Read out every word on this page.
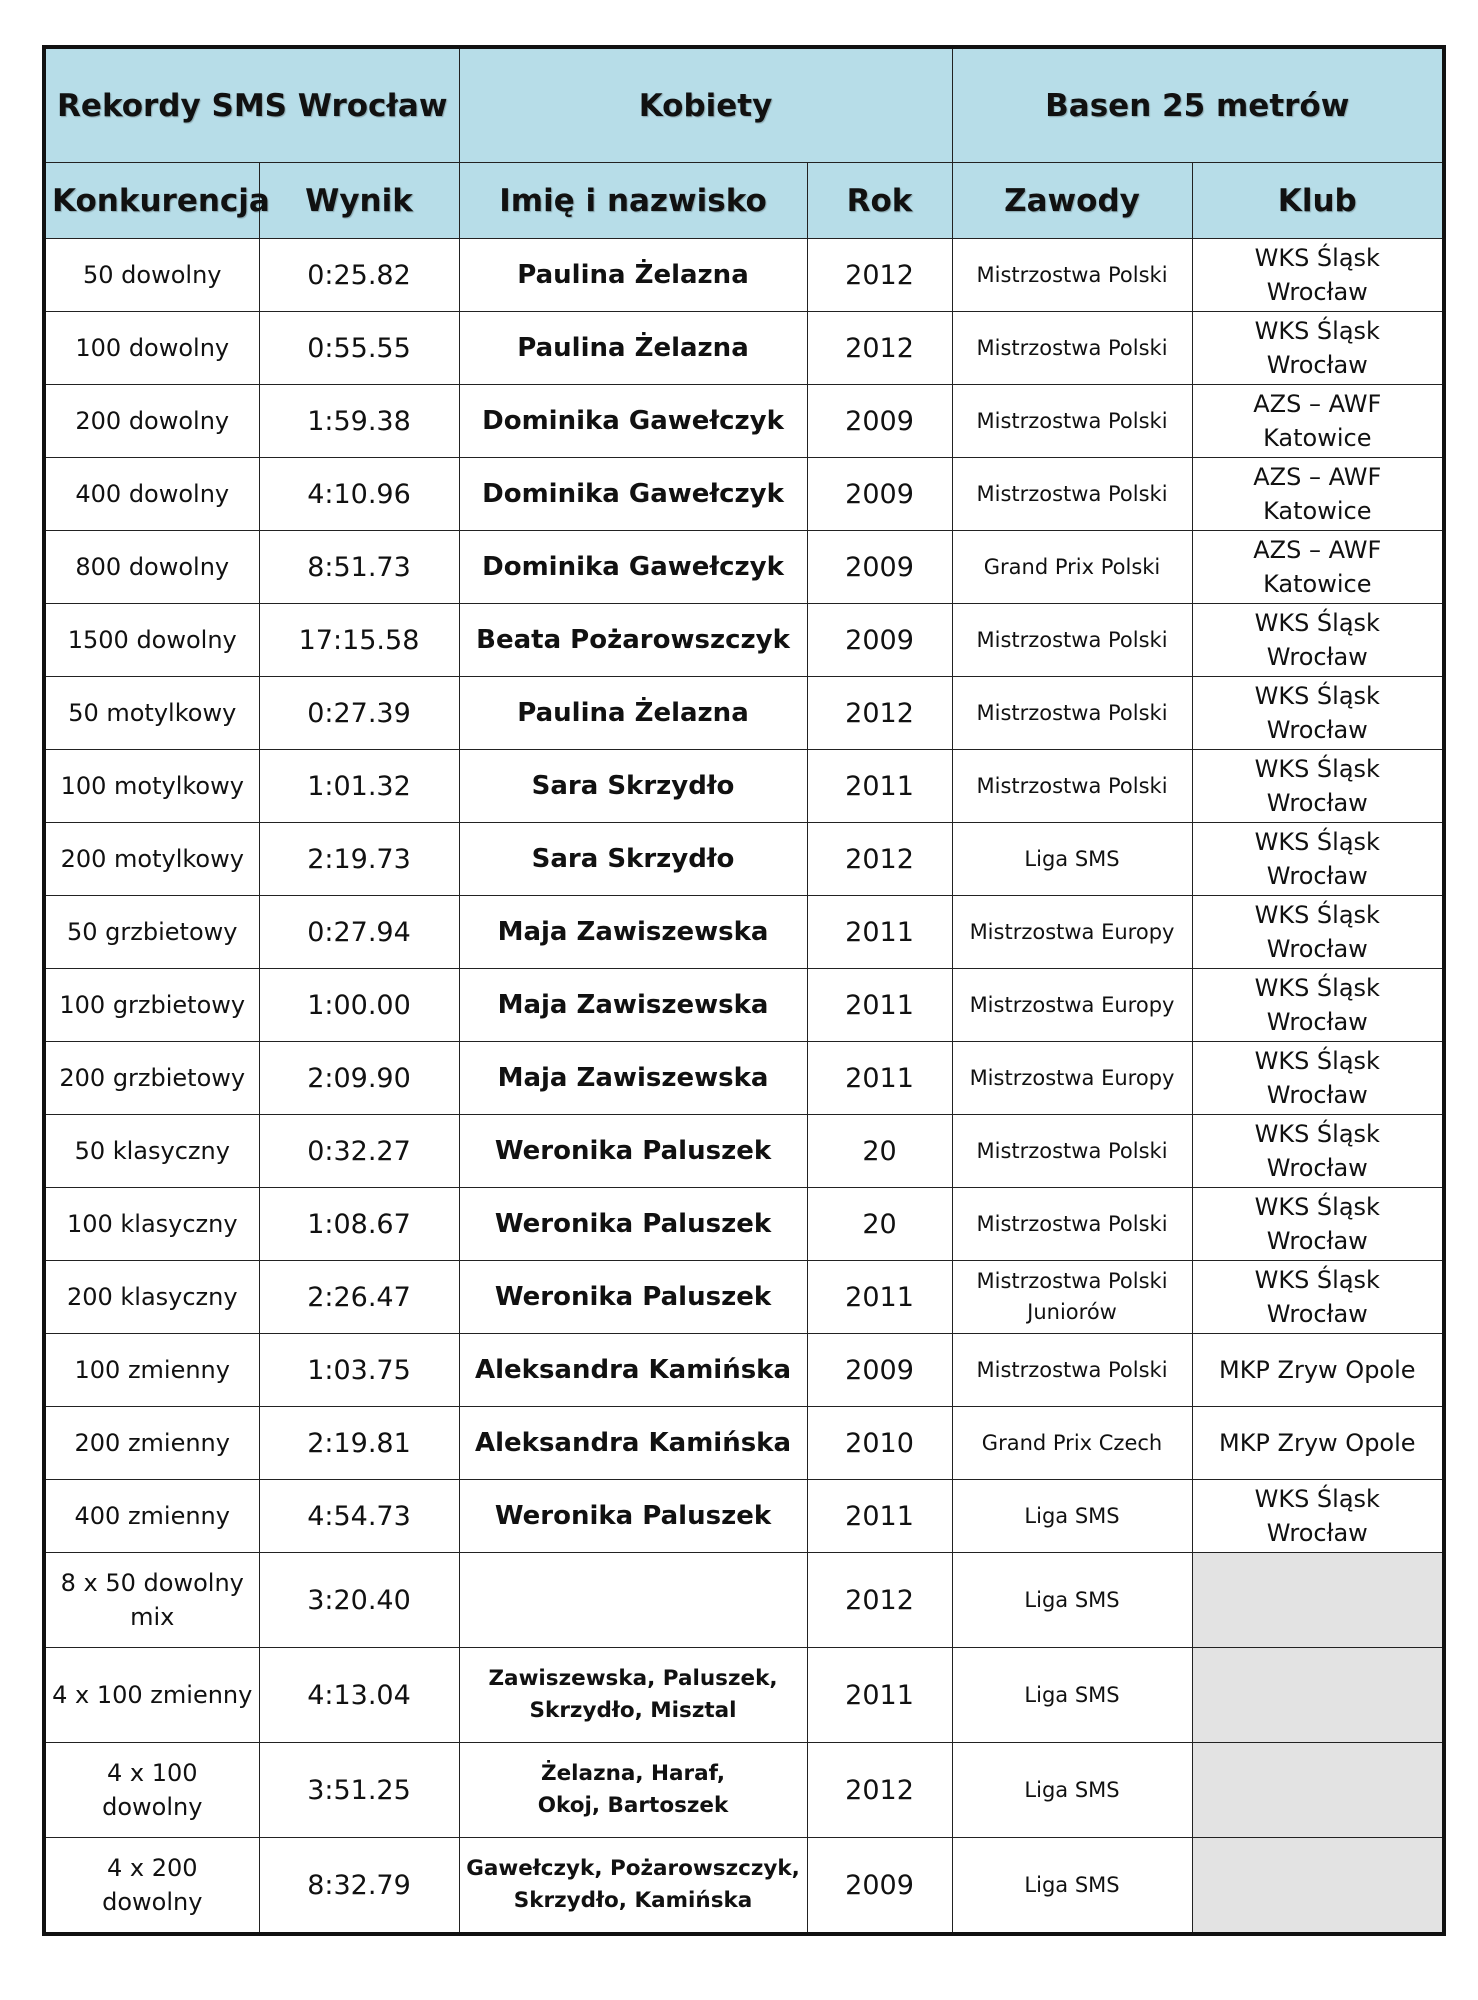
Rekordy SMS Wrocław		Kobiety		Basen 25 metrów	
Konkurencja	Wynik	Imię i nazwisko	Rok	Zawody	Klub
50 dowolny	0:25.82	Paulina Żelazna	2012	Mistrzostwa Polski	WKS Śląsk
Wrocław
100 dowolny	0:55.55	Paulina Żelazna	2012	Mistrzostwa Polski	WKS Śląsk
Wrocław
200 dowolny	1:59.38	Dominika Gawełczyk	2009	Mistrzostwa Polski	AZS – AWF
Katowice
400 dowolny	4:10.96	Dominika Gawełczyk	2009	Mistrzostwa Polski	AZS – AWF
Katowice
800 dowolny	8:51.73	Dominika Gawełczyk	2009	Grand Prix Polski	AZS – AWF
Katowice
1500 dowolny	17:15.58	Beata Pożarowszczyk	2009	Mistrzostwa Polski	WKS Śląsk
Wrocław
50 motylkowy	0:27.39	Paulina Żelazna	2012	Mistrzostwa Polski	WKS Śląsk
Wrocław
100 motylkowy	1:01.32	Sara Skrzydło	2011	Mistrzostwa Polski	WKS Śląsk
Wrocław
200 motylkowy	2:19.73	Sara Skrzydło	2012	Liga SMS	WKS Śląsk
Wrocław
50 grzbietowy	0:27.94	Maja Zawiszewska	2011	Mistrzostwa Europy	WKS Śląsk
Wrocław
100 grzbietowy	1:00.00	Maja Zawiszewska	2011	Mistrzostwa Europy	WKS Śląsk
Wrocław
200 grzbietowy	2:09.90	Maja Zawiszewska	2011	Mistrzostwa Europy	WKS Śląsk
Wrocław
50 klasyczny	0:32.27	Weronika Paluszek	20	Mistrzostwa Polski	WKS Śląsk
Wrocław
100 klasyczny	1:08.67	Weronika Paluszek	20	Mistrzostwa Polski	WKS Śląsk
Wrocław
200 klasyczny	2:26.47	Weronika Paluszek	2011	Mistrzostwa Polski
Juniorów	WKS Śląsk
Wrocław
100 zmienny	1:03.75	Aleksandra Kamińska	2009	Mistrzostwa Polski	MKP Zryw Opole
200 zmienny	2:19.81	Aleksandra Kamińska	2010	Grand Prix Czech	MKP Zryw Opole
400 zmienny	4:54.73	Weronika Paluszek	2011	Liga SMS	WKS Śląsk
Wrocław
8 x 50 dowolny
mix	3:20.40		2012	Liga SMS	
4 x 100 zmienny	4:13.04	Zawiszewska, Paluszek,
Skrzydło, Misztal	2011	Liga SMS	
4 x 100
dowolny	3:51.25	Żelazna, Haraf,
Okoj, Bartoszek	2012	Liga SMS	
4 x 200
dowolny	8:32.79	Gawełczyk, Pożarowszczyk,
Skrzydło, Kamińska	2009	Liga SMS	
